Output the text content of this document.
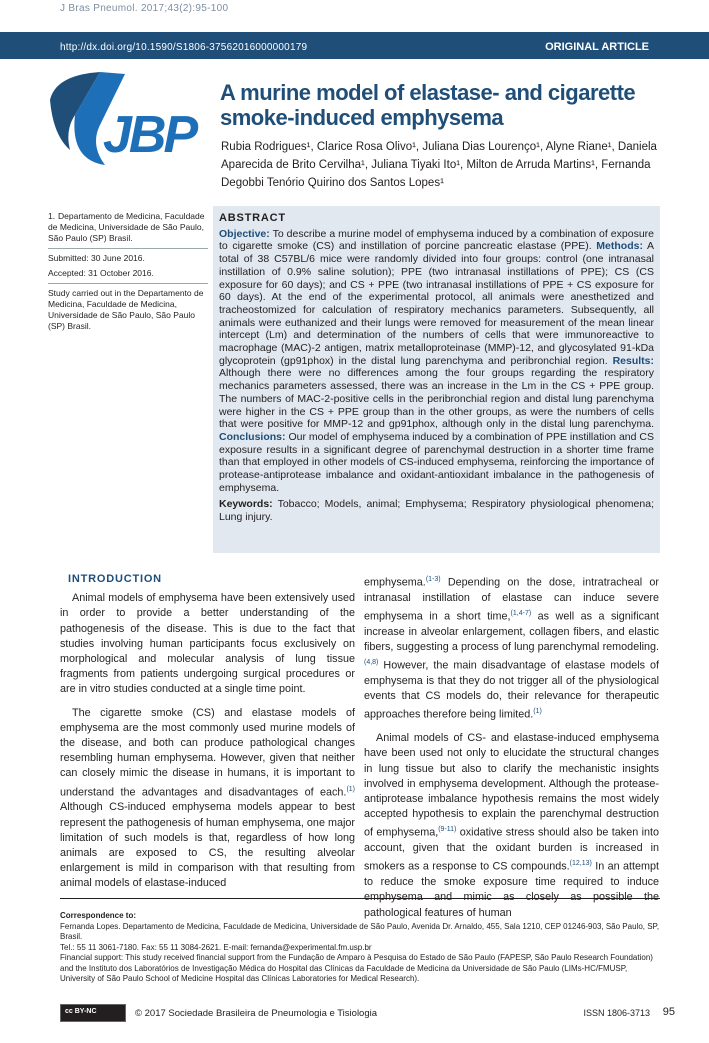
J Bras Pneumol. 2017;43(2):95-100
http://dx.doi.org/10.1590/S1806-37562016000000179	ORIGINAL ARTICLE
JBP
A murine model of elastase- and cigarette smoke-induced emphysema
Rubia Rodrigues¹, Clarice Rosa Olivo¹, Juliana Dias Lourenço¹, Alyne Riane¹, Daniela Aparecida de Brito Cervilha¹, Juliana Tiyaki Ito¹, Milton de Arruda Martins¹, Fernanda Degobbi Tenório Quirino dos Santos Lopes¹

1. Departamento de Medicina, Faculdade de Medicina, Universidade de São Paulo, São Paulo (SP) Brasil.

Submitted: 30 June 2016.

Accepted: 31 October 2016.

Study carried out in the Departamento de Medicina, Faculdade de Medicina, Universidade de São Paulo, São Paulo (SP) Brasil.

ABSTRACT

Objective: To describe a murine model of emphysema induced by a combination of exposure to cigarette smoke (CS) and instillation of porcine pancreatic elastase (PPE). Methods: A total of 38 C57BL/6 mice were randomly divided into four groups: control (one intranasal instillation of 0.9% saline solution); PPE (two intranasal instillations of PPE); CS (CS exposure for 60 days); and CS + PPE (two intranasal instillations of PPE + CS exposure for 60 days). At the end of the experimental protocol, all animals were anesthetized and tracheostomized for calculation of respiratory mechanics parameters. Subsequently, all animals were euthanized and their lungs were removed for measurement of the mean linear intercept (Lm) and determination of the numbers of cells that were immunoreactive to macrophage (MAC)-2 antigen, matrix metalloproteinase (MMP)-12, and glycosylated 91-kDa glycoprotein (gp91phox) in the distal lung parenchyma and peribronchial region. Results: Although there were no differences among the four groups regarding the respiratory mechanics parameters assessed, there was an increase in the Lm in the CS + PPE group. The numbers of MAC-2-positive cells in the peribronchial region and distal lung parenchyma were higher in the CS + PPE group than in the other groups, as were the numbers of cells that were positive for MMP-12 and gp91phox, although only in the distal lung parenchyma. Conclusions: Our model of emphysema induced by a combination of PPE instillation and CS exposure results in a significant degree of parenchymal destruction in a shorter time frame than that employed in other models of CS-induced emphysema, reinforcing the importance of protease-antiprotease imbalance and oxidant-antioxidant imbalance in the pathogenesis of emphysema.

Keywords: Tobacco; Models, animal; Emphysema; Respiratory physiological phenomena; Lung injury.

INTRODUCTION

Animal models of emphysema have been extensively used in order to provide a better understanding of the pathogenesis of the disease. This is due to the fact that studies involving human participants focus exclusively on morphological and molecular analysis of lung tissue fragments from patients undergoing surgical procedures or are in vitro studies conducted at a single time point.

The cigarette smoke (CS) and elastase models of emphysema are the most commonly used murine models of the disease, and both can produce pathological changes resembling human emphysema. However, given that neither can closely mimic the disease in humans, it is important to understand the advantages and disadvantages of each.$^{(1)}$ Although CS-induced emphysema models appear to best represent the pathogenesis of human emphysema, one major limitation of such models is that, regardless of how long animals are exposed to CS, the resulting alveolar enlargement is mild in comparison with that resulting from animal models of elastase-induced

emphysema.$^{(1-3)}$ Depending on the dose, intratracheal or intranasal instillation of elastase can induce severe emphysema in a short time,$^{(1,4-7)}$ as well as a significant increase in alveolar enlargement, collagen fibers, and elastic fibers, suggesting a process of lung parenchymal remodeling.$^{(4,8)}$ However, the main disadvantage of elastase models of emphysema is that they do not trigger all of the physiological events that CS models do, their relevance for therapeutic approaches therefore being limited.$^{(1)}$

Animal models of CS- and elastase-induced emphysema have been used not only to elucidate the structural changes in lung tissue but also to clarify the mechanistic insights involved in emphysema development. Although the protease-antiprotease imbalance hypothesis remains the most widely accepted hypothesis to explain the parenchymal destruction of emphysema,$^{(9-11)}$ oxidative stress should also be taken into account, given that the oxidant burden is increased in smokers as a response to CS compounds.$^{(12,13)}$ In an attempt to reduce the smoke exposure time required to induce emphysema and mimic as closely as possible the pathological features of human

Correspondence to:

Fernanda Lopes. Departamento de Medicina, Faculdade de Medicina, Universidade de São Paulo, Avenida Dr. Arnaldo, 455, Sala 1210, CEP 01246-903, São Paulo, SP, Brasil.

Tel.: 55 11 3061-7180. Fax: 55 11 3084-2621. E-mail: fernanda@experimental.fm.usp.br

Financial support: This study received financial support from the Fundação de Amparo à Pesquisa do Estado de São Paulo (FAPESP, São Paulo Research Foundation) and the Instituto dos Laboratórios de Investigação Médica do Hospital das Clínicas da Faculdade de Medicina da Universidade de São Paulo (LIMs-HC/FMUSP, University of São Paulo School of Medicine Hospital das Clínicas Laboratories for Medical Research).

cc BY-NC	© 2017 Sociedade Brasileira de Pneumologia e Tisiologia	ISSN 1806-3713 95
